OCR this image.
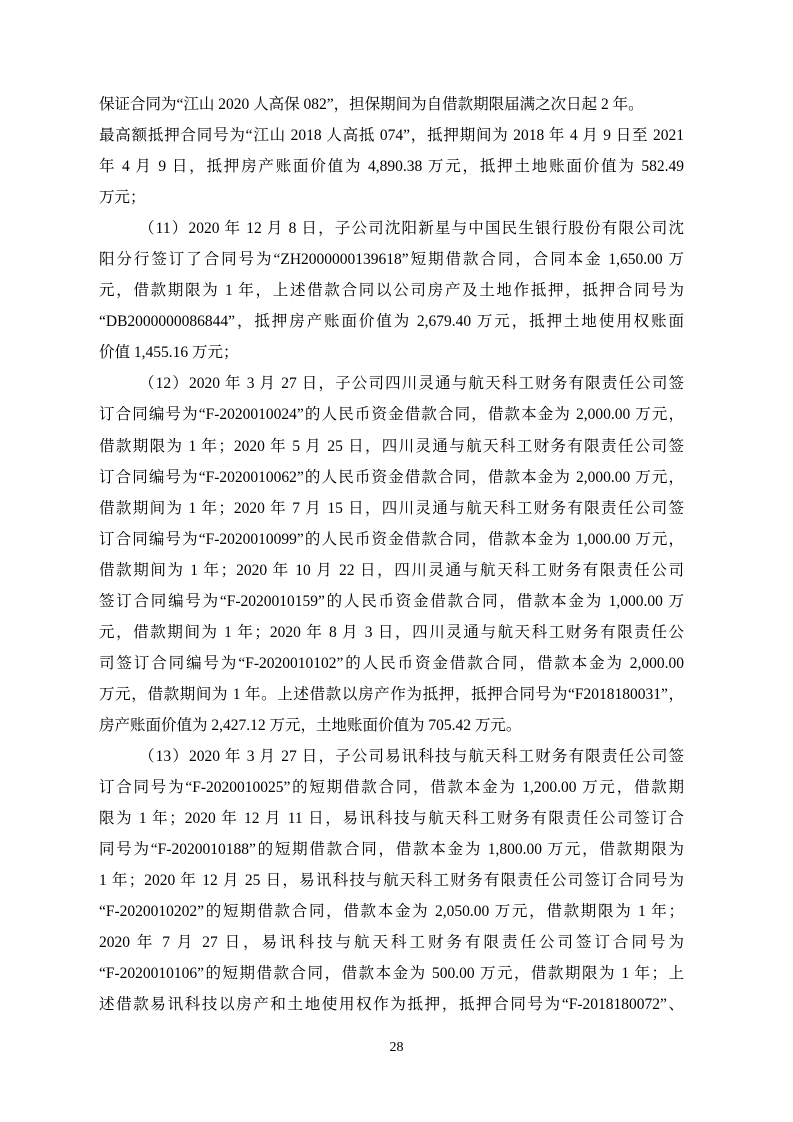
保证合同为“江山 2020 人高保 082”，担保期间为自借款期限届满之次日起 2 年。
最高额抵押合同号为“江山 2018 人高抵 074”，抵押期间为 2018 年 4 月 9 日至 2021
年 4 月 9 日，抵押房产账面价值为 4,890.38 万元，抵押土地账面价值为 582.49
万元；
（11）2020 年 12 月 8 日，子公司沈阳新星与中国民生银行股份有限公司沈
阳分行签订了合同号为“ZH2000000139618”短期借款合同，合同本金 1,650.00 万
元，借款期限为 1 年，上述借款合同以公司房产及土地作抵押，抵押合同号为
“DB2000000086844”，抵押房产账面价值为 2,679.40 万元，抵押土地使用权账面
价值 1,455.16 万元；
（12）2020 年 3 月 27 日，子公司四川灵通与航天科工财务有限责任公司签
订合同编号为“F-2020010024”的人民币资金借款合同，借款本金为 2,000.00 万元，
借款期限为 1 年；2020 年 5 月 25 日，四川灵通与航天科工财务有限责任公司签
订合同编号为“F-2020010062”的人民币资金借款合同，借款本金为 2,000.00 万元，
借款期间为 1 年；2020 年 7 月 15 日，四川灵通与航天科工财务有限责任公司签
订合同编号为“F-2020010099”的人民币资金借款合同，借款本金为 1,000.00 万元，
借款期间为 1 年；2020 年 10 月 22 日，四川灵通与航天科工财务有限责任公司
签订合同编号为“F-2020010159”的人民币资金借款合同，借款本金为 1,000.00 万
元，借款期间为 1 年；2020 年 8 月 3 日，四川灵通与航天科工财务有限责任公
司签订合同编号为“F-2020010102”的人民币资金借款合同，借款本金为 2,000.00
万元，借款期间为 1 年。上述借款以房产作为抵押，抵押合同号为“F2018180031”，
房产账面价值为 2,427.12 万元，土地账面价值为 705.42 万元。
（13）2020 年 3 月 27 日，子公司易讯科技与航天科工财务有限责任公司签
订合同号为“F-2020010025”的短期借款合同，借款本金为 1,200.00 万元，借款期
限为 1 年；2020 年 12 月 11 日，易讯科技与航天科工财务有限责任公司签订合
同号为“F-2020010188”的短期借款合同，借款本金为 1,800.00 万元，借款期限为
1 年；2020 年 12 月 25 日，易讯科技与航天科工财务有限责任公司签订合同号为
“F-2020010202”的短期借款合同，借款本金为 2,050.00 万元，借款期限为 1 年；
2020 年 7 月 27 日，易讯科技与航天科工财务有限责任公司签订合同号为
“F-2020010106”的短期借款合同，借款本金为 500.00 万元，借款期限为 1 年；上
述借款易讯科技以房产和土地使用权作为抵押，抵押合同号为“F-2018180072”、
28
